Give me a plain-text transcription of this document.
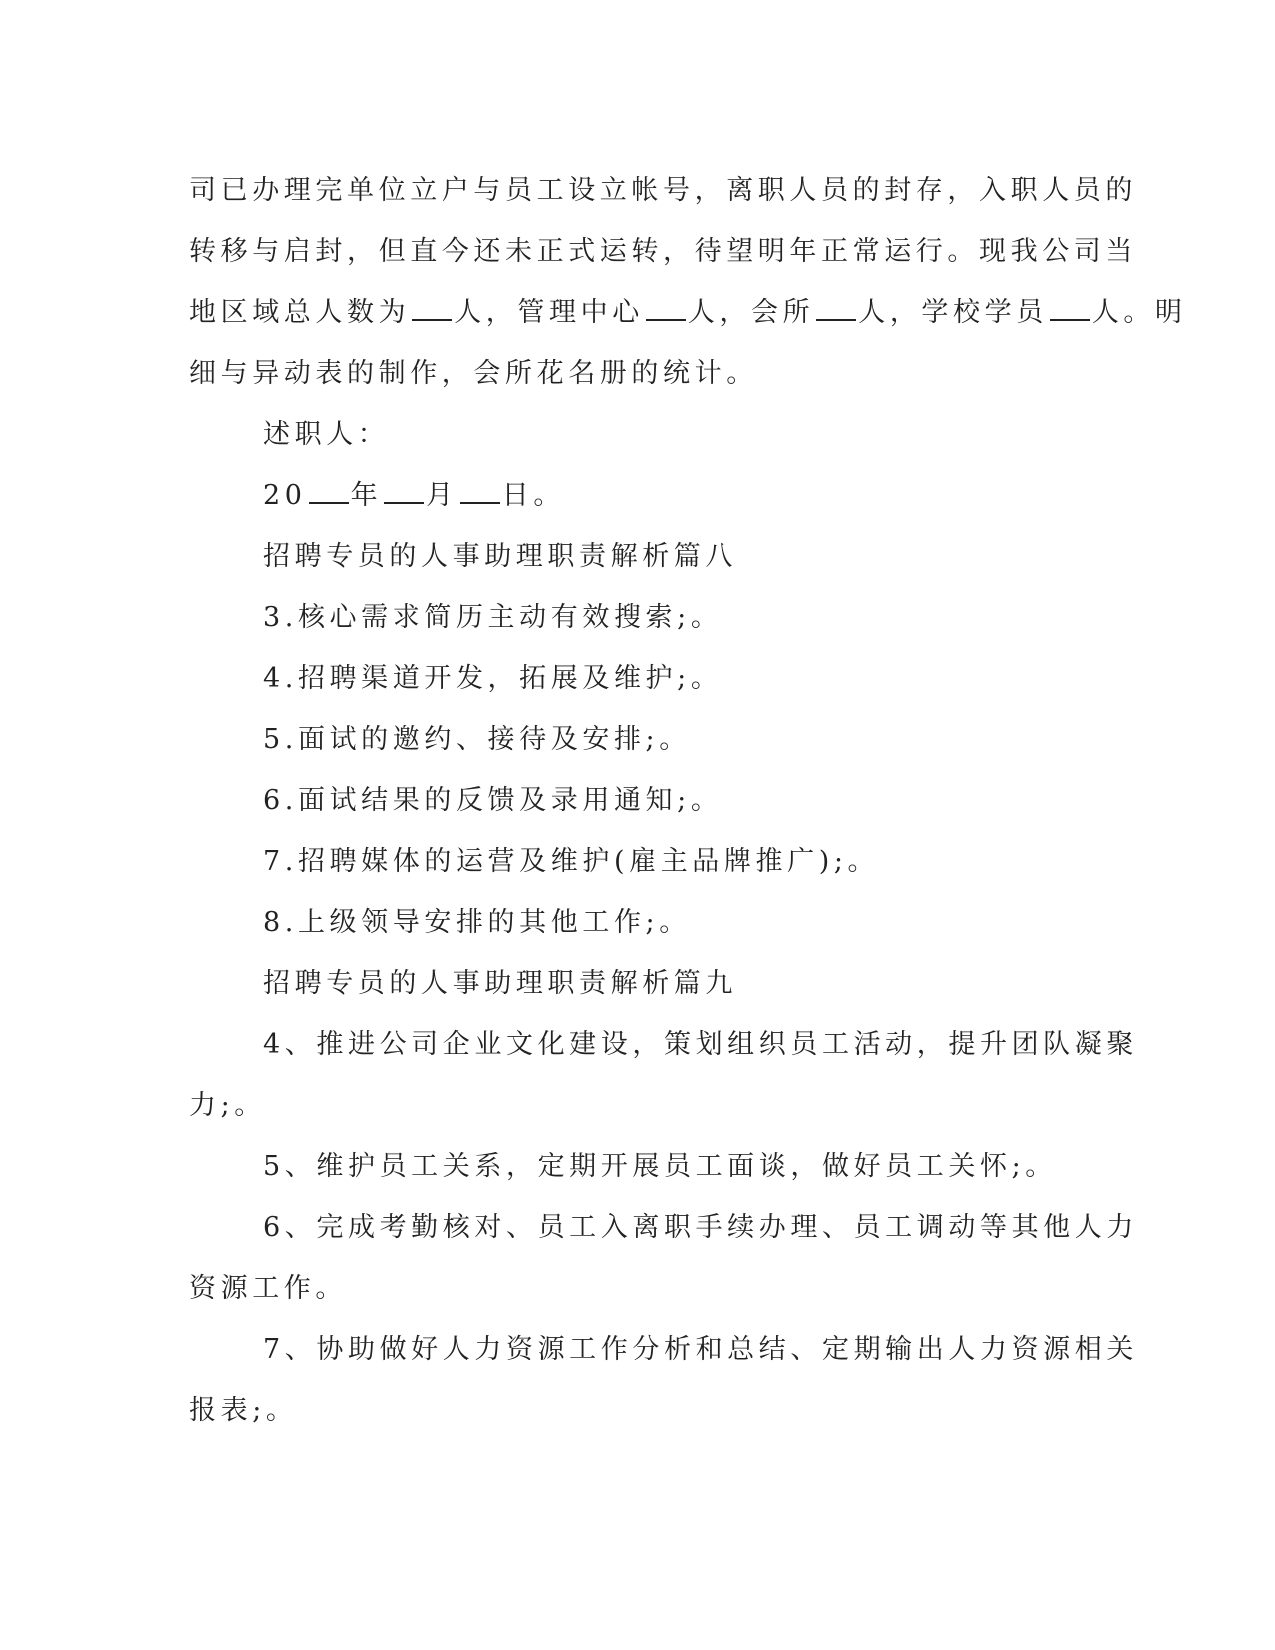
司已办理完单位立户与员工设立帐号，离职人员的封存，入职人员的
转移与启封，但直今还未正式运转，待望明年正常运行。现我公司当
地区域总人数为 人，管理中心 人，会所 人，学校学员 人。明
细与异动表的制作，会所花名册的统计。
述职人：
20 年 月 日。
招聘专员的人事助理职责解析篇八
3.核心需求简历主动有效搜索;。
4.招聘渠道开发，拓展及维护;。
5.面试的邀约、接待及安排;。
6.面试结果的反馈及录用通知;。
7.招聘媒体的运营及维护(雇主品牌推广);。
8.上级领导安排的其他工作;。
招聘专员的人事助理职责解析篇九
4、推进公司企业文化建设，策划组织员工活动，提升团队凝聚
力;。
5、维护员工关系，定期开展员工面谈，做好员工关怀;。
6、完成考勤核对、员工入离职手续办理、员工调动等其他人力
资源工作。
7、协助做好人力资源工作分析和总结、定期输出人力资源相关
报表;。
